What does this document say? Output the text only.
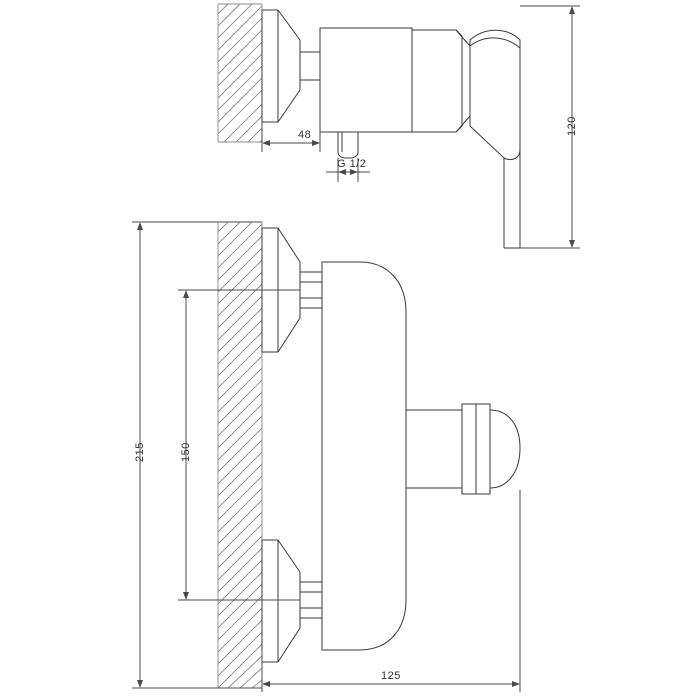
48
G 1/2
120
215	150
125
